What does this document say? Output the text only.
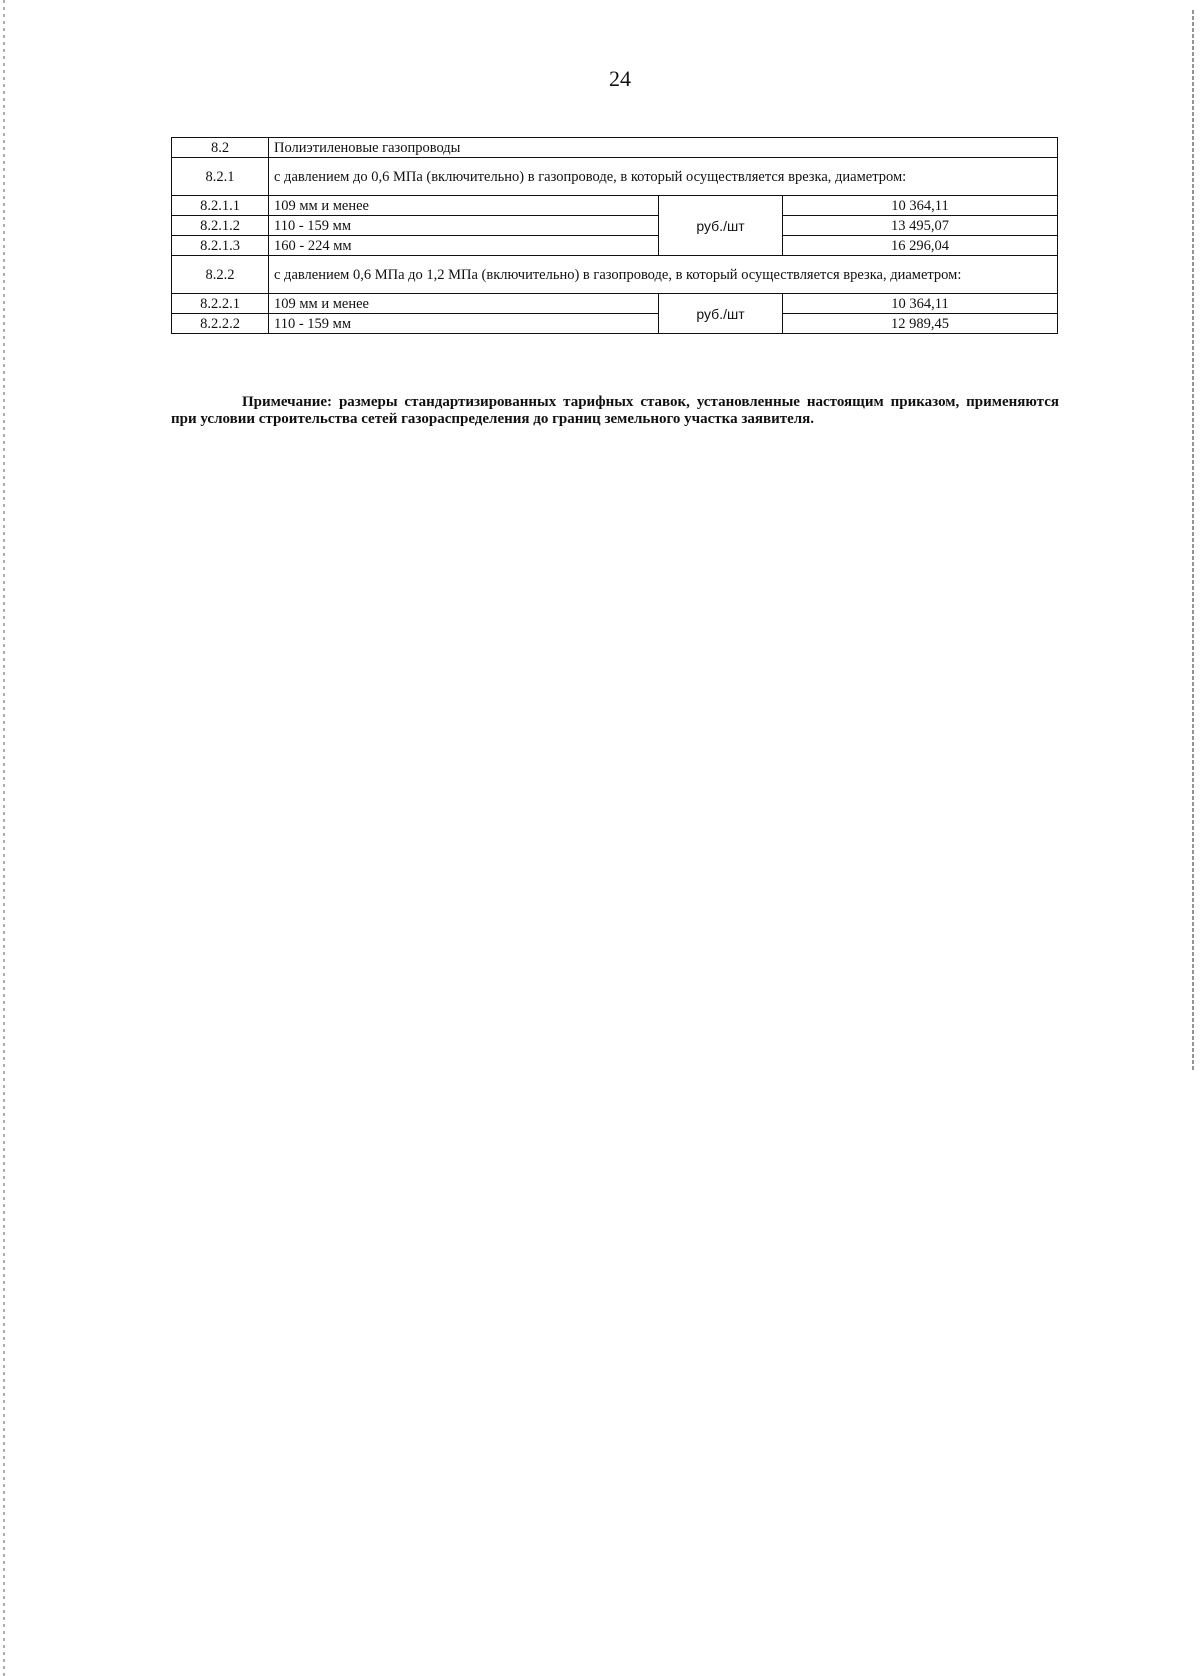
24
8.2	Полиэтиленовые газопроводы		
8.2.1	с давлением до 0,6 МПа (включительно) в газопроводе, в который осуществляется врезка, диаметром:		
8.2.1.1	109 мм и менее	руб./шт	10 364,11
8.2.1.2	110 - 159 мм		13 495,07
8.2.1.3	160 - 224 мм		16 296,04
8.2.2	с давлением 0,6 МПа до 1,2 МПа (включительно) в газопроводе, в который осуществляется врезка, диаметром:		
8.2.2.1	109 мм и менее	руб./шт	10 364,11
8.2.2.2	110 - 159 мм		12 989,45
Примечание: размеры стандартизированных тарифных ставок, установленные настоящим приказом, применяются при условии строительства сетей газораспределения до границ земельного участка заявителя.
